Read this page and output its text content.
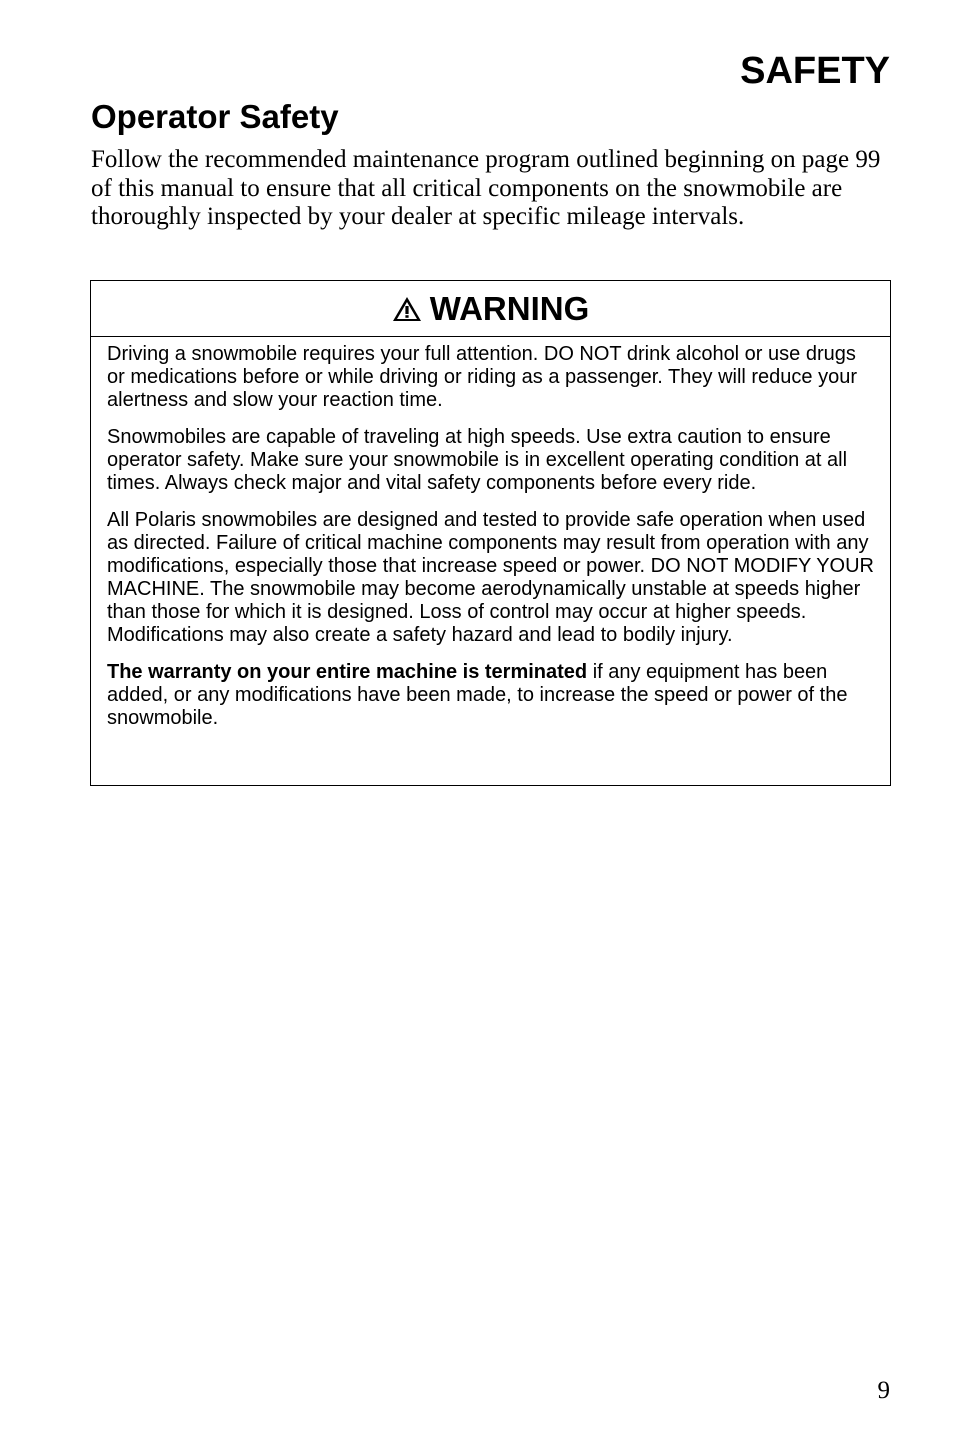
SAFETY
Operator Safety

Follow the recommended maintenance program outlined beginning on page 99 of this manual to ensure that all critical components on the snowmobile are thoroughly inspected by your dealer at specific mileage intervals.

WARNING

Driving a snowmobile requires your full attention. DO NOT drink alcohol or use drugs or medications before or while driving or riding as a passenger. They will reduce your alertness and slow your reaction time.

Snowmobiles are capable of traveling at high speeds. Use extra caution to ensure operator safety. Make sure your snowmobile is in excellent operating condition at all times. Always check major and vital safety components before every ride.

All Polaris snowmobiles are designed and tested to provide safe operation when used as directed. Failure of critical machine components may result from operation with any modifications, especially those that increase speed or power. DO NOT MODIFY YOUR MACHINE. The snowmobile may become aerodynamically unstable at speeds higher than those for which it is designed. Loss of control may occur at higher speeds. Modifications may also create a safety hazard and lead to bodily injury.

The warranty on your entire machine is terminated if any equipment has been added, or any modifications have been made, to increase the speed or power of the snowmobile.

9
